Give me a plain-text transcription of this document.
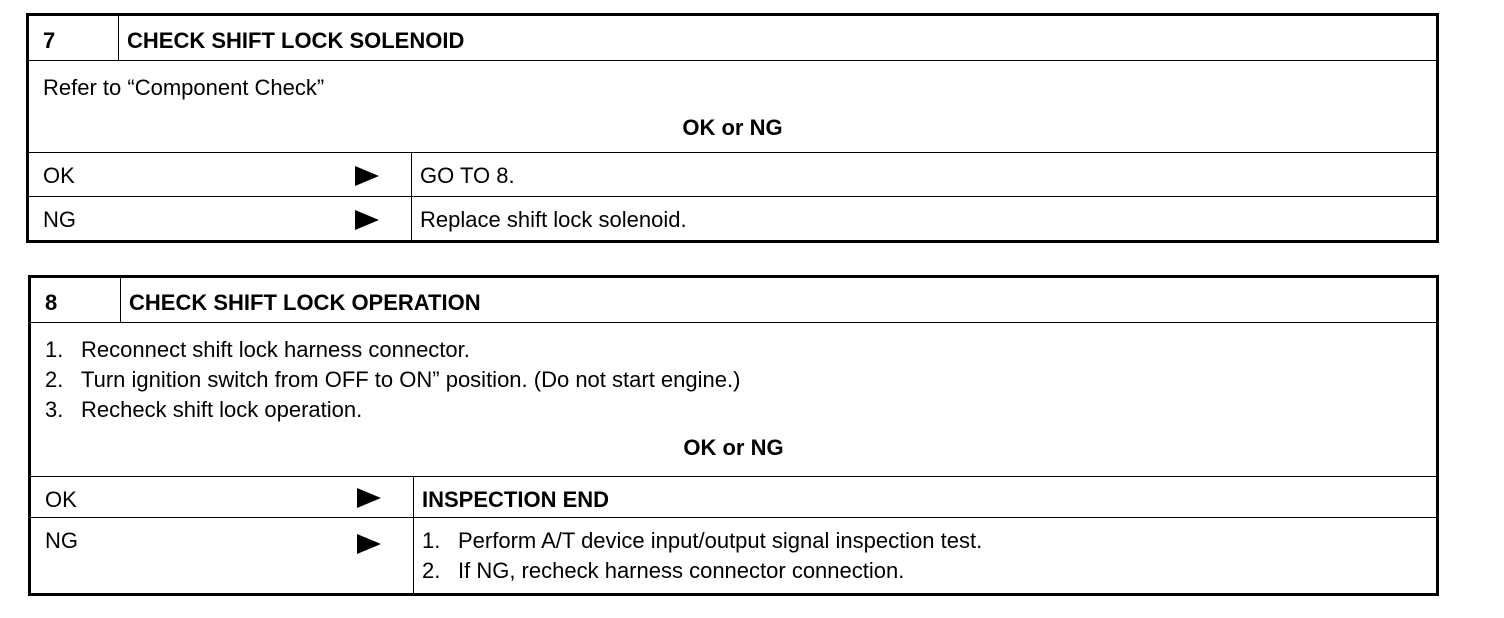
7	CHECK SHIFT LOCK SOLENOID
Refer to “Component Check”
OK or NG
OK	GO TO 8.
NG	Replace shift lock solenoid.
8	CHECK SHIFT LOCK OPERATION
1. Reconnect shift lock harness connector.
2. Turn ignition switch from OFF to ON” position. (Do not start engine.)
3. Recheck shift lock operation.
OK or NG
OK	INSPECTION END
NG	1. Perform A/T device input/output signal inspection test.
2. If NG, recheck harness connector connection.
